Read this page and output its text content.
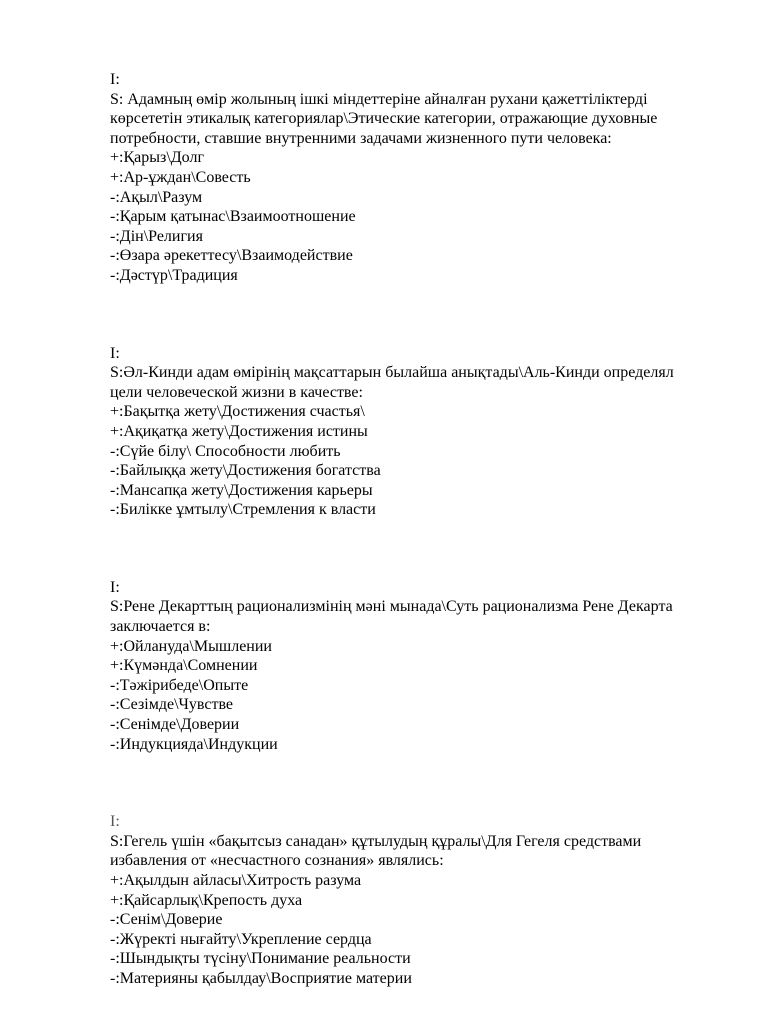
I:
S: Адамның өмір жолының ішкі міндеттеріне айналған рухани қажеттіліктерді көрсететін этикалық категориялар\Этические категории, отражающие духовные потребности, ставшие внутренними задачами жизненного пути человека:
+:Қарыз\Долг
+:Ар-ұждан\Совесть
-:Ақыл\Разум
-:Қарым қатынас\Взаимоотношение
-:Дін\Религия
-:Өзара әрекеттесу\Взаимодействие
-:Дәстүр\Традиция
I:
S:Әл-Кинди адам өмірінің мақсаттарын былайша анықтады\Аль-Кинди определял цели человеческой жизни в качестве:
+:Бақытқа жету\Достижения счастья\
+:Ақиқатқа жету\Достижения истины
-:Сүйе білу\ Способности любить
-:Байлыққа жету\Достижения богатства
-:Мансапқа жету\Достижения карьеры
-:Билікке ұмтылу\Стремления к власти
I:
S:Рене Декарттың рационализмінің мәні мынада\Суть рационализма Рене Декарта заключается в:
+:Ойлануда\Мышлении
+:Күмәнда\Сомнении
-:Тәжірибеде\Опыте
-:Сезімде\Чувстве
-:Сенімде\Доверии
-:Индукцияда\Индукции
I:
S:Гегель үшін «бақытсыз санадан» құтылудың құралы\Для Гегеля средствами избавления от «несчастного сознания» являлись:
+:Ақылдын айласы\Хитрость разума
+:Қайсарлық\Крепость духа
-:Сенім\Доверие
-:Жүректі нығайту\Укрепление сердца
-:Шындықты түсіну\Понимание реальности
-:Материяны қабылдау\Восприятие материи
